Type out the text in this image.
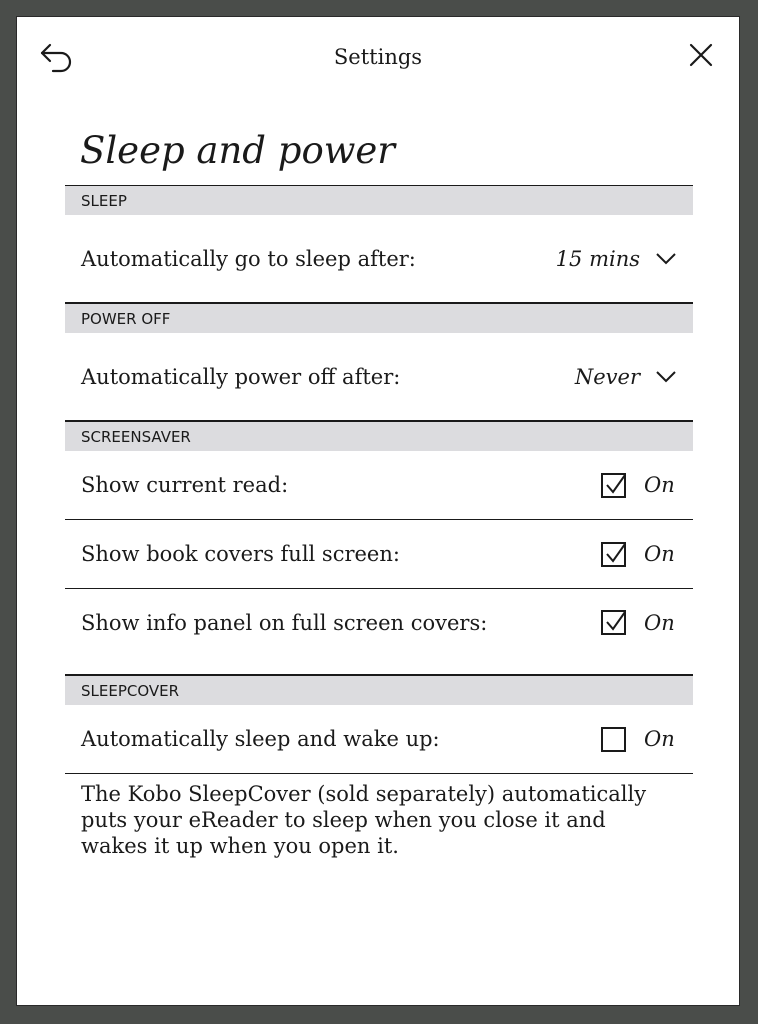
Settings
Sleep and power
SLEEP
Automatically go to sleep after:	15 mins
POWER OFF
Automatically power off after:	Never
SCREENSAVER
Show current read:	On
Show book covers full screen:	On
Show info panel on full screen covers:	On
SLEEPCOVER
Automatically sleep and wake up:	On
The Kobo SleepCover (sold separately) automatically puts your eReader to sleep when you close it and wakes it up when you open it.
